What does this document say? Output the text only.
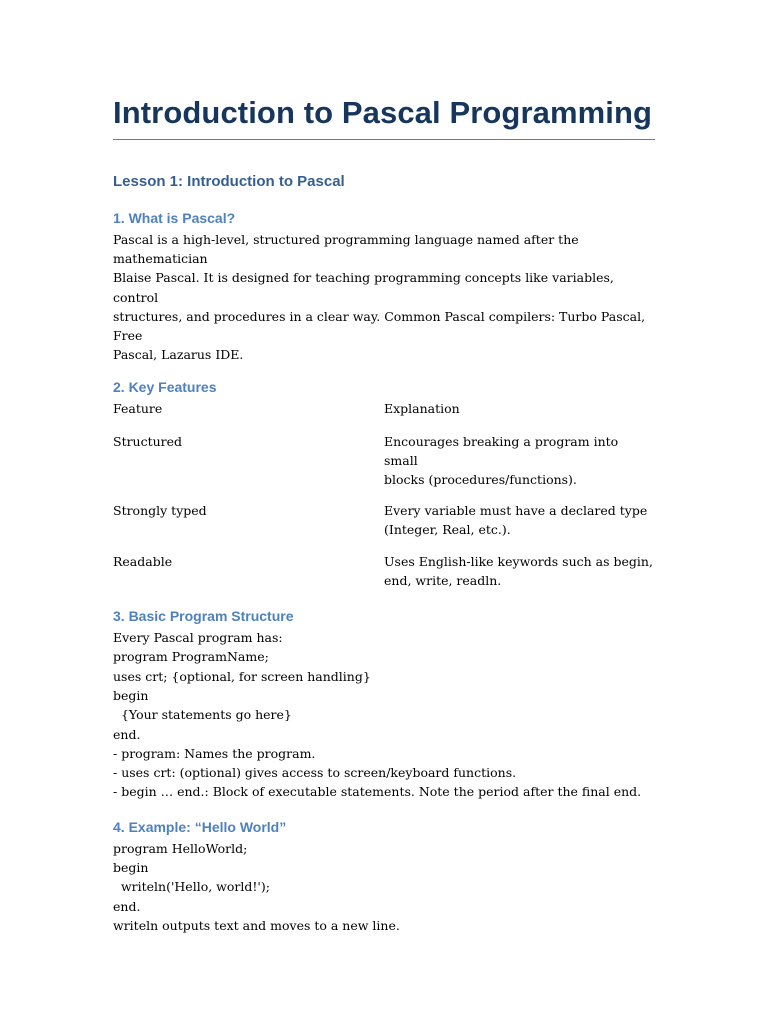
Introduction to Pascal Programming
Lesson 1: Introduction to Pascal
1. What is Pascal?

Pascal is a high-level, structured programming language named after the mathematician

Blaise Pascal. It is designed for teaching programming concepts like variables, control

structures, and procedures in a clear way. Common Pascal compilers: Turbo Pascal, Free

Pascal, Lazarus IDE.

2. Key Features
Feature	Explanation
Structured	Encourages breaking a program into small
blocks (procedures/functions).

Strongly typed	Every variable must have a declared type
(Integer, Real, etc.).

Readable	Uses English-like keywords such as begin,
end, write, readln.
3. Basic Program Structure

Every Pascal program has:

program ProgramName;

uses crt; {optional, for screen handling}

begin

{Your statements go here}

end.

- program: Names the program.

- uses crt: (optional) gives access to screen/keyboard functions.

- begin … end.: Block of executable statements. Note the period after the final end.

4. Example: “Hello World”

program HelloWorld;

begin

writeln('Hello, world!');

end.

writeln outputs text and moves to a new line.
